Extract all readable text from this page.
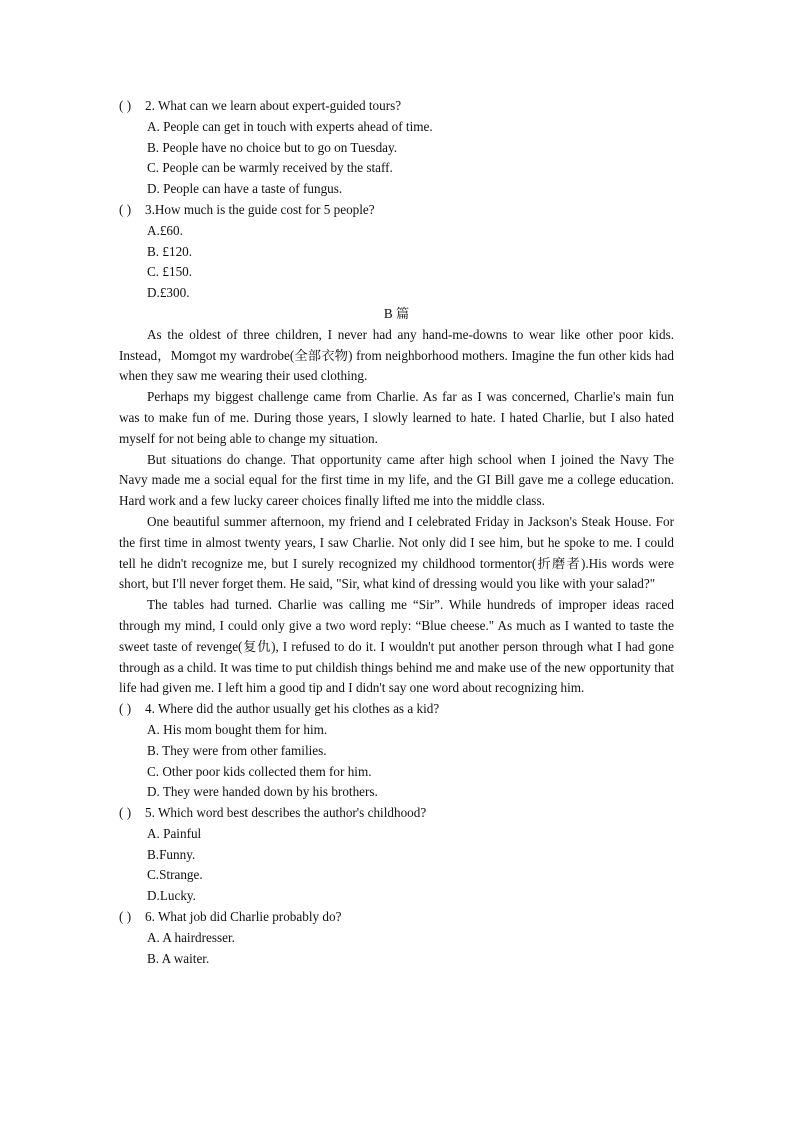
( ) 2. What can we learn about expert-guided tours?
A. People can get in touch with experts ahead of time.
B. People have no choice but to go on Tuesday.
C. People can be warmly received by the staff.
D. People can have a taste of fungus.
( ) 3.How much is the guide cost for 5 people?
A.£60.
B. £120.
C. £150.
D.£300.
B 篇
As the oldest of three children, I never had any hand-me-downs to wear like other poor kids. Instead，Momgot my wardrobe(全部衣物) from neighborhood mothers. Imagine the fun other kids had when they saw me wearing their used clothing.
Perhaps my biggest challenge came from Charlie. As far as I was concerned, Charlie's main fun was to make fun of me. During those years, I slowly learned to hate. I hated Charlie, but I also hated myself for not being able to change my situation.
But situations do change. That opportunity came after high school when I joined the Navy The Navy made me a social equal for the first time in my life, and the GI Bill gave me a college education. Hard work and a few lucky career choices finally lifted me into the middle class.
One beautiful summer afternoon, my friend and I celebrated Friday in Jackson's Steak House. For the first time in almost twenty years, I saw Charlie. Not only did I see him, but he spoke to me. I could tell he didn't recognize me, but I surely recognized my childhood tormentor(折磨者).His words were short, but I'll never forget them. He said, "Sir, what kind of dressing would you like with your salad?"
The tables had turned. Charlie was calling me “Sir”. While hundreds of improper ideas raced through my mind, I could only give a two word reply: “Blue cheese." As much as I wanted to taste the sweet taste of revenge(复仇), I refused to do it. I wouldn't put another person through what I had gone through as a child. It was time to put childish things behind me and make use of the new opportunity that life had given me. I left him a good tip and I didn't say one word about recognizing him.
( ) 4. Where did the author usually get his clothes as a kid?
A. His mom bought them for him.
B. They were from other families.
C. Other poor kids collected them for him.
D. They were handed down by his brothers.
( ) 5. Which word best describes the author's childhood?
A. Painful
B.Funny.
C.Strange.
D.Lucky.
( ) 6. What job did Charlie probably do?
A. A hairdresser.
B. A waiter.
